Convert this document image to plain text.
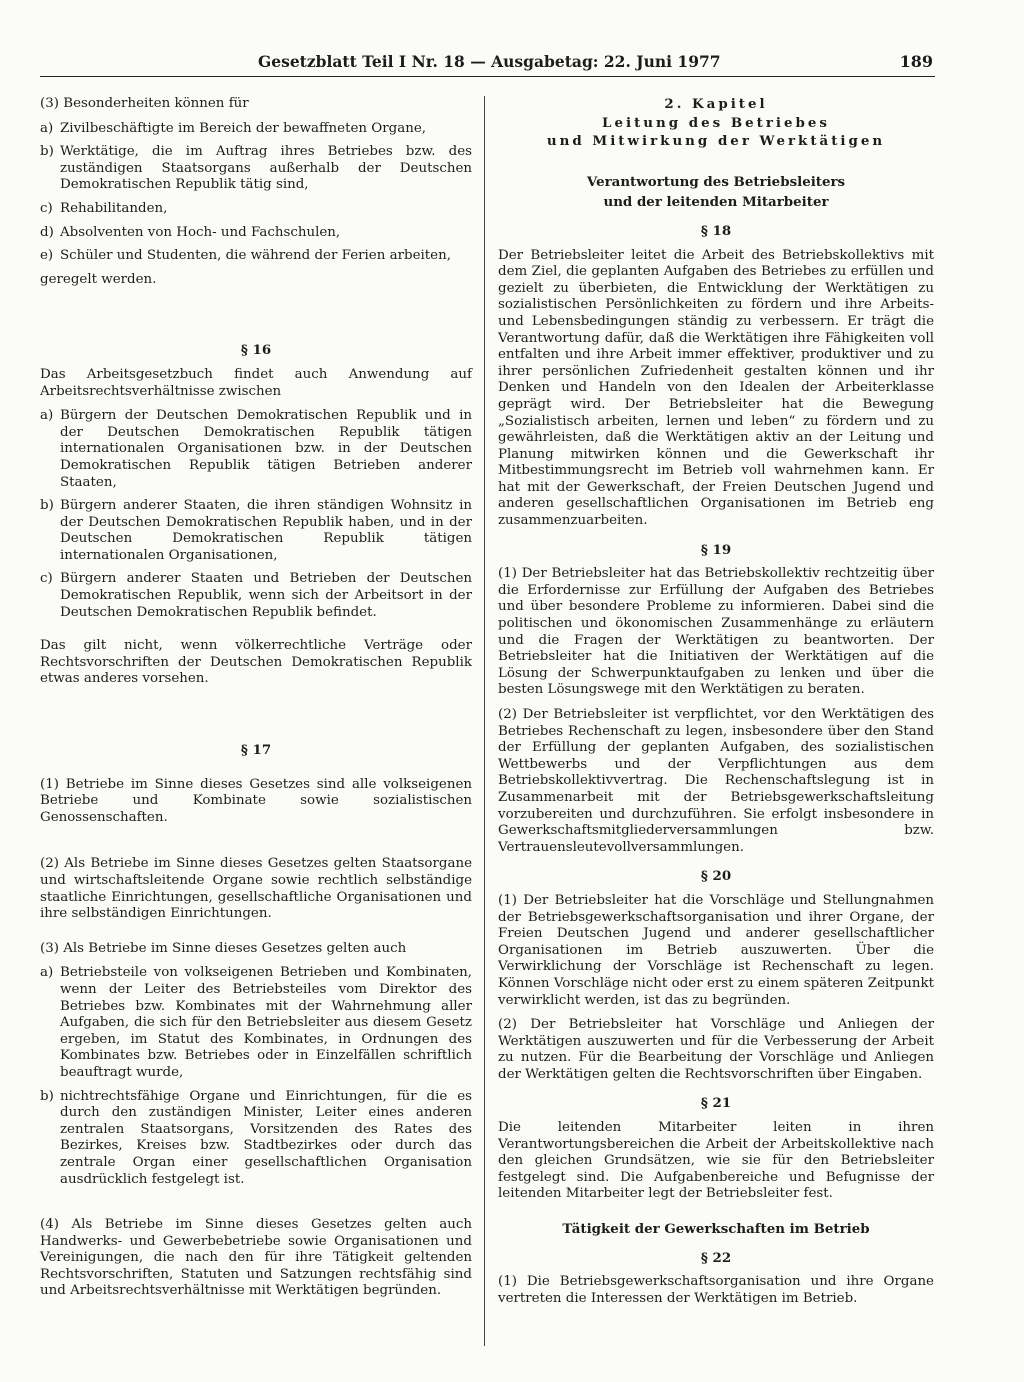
Gesetzblatt Teil I Nr. 18 — Ausgabetag: 22. Juni 1977	189

(3) Besonderheiten können für

a) Zivilbeschäftigte im Bereich der bewaffneten Organe,
b) Werktätige, die im Auftrag ihres Betriebes bzw. des zuständigen Staatsorgans außerhalb der Deutschen Demokratischen Republik tätig sind,
c) Rehabilitanden,
d) Absolventen von Hoch- und Fachschulen,
e) Schüler und Studenten, die während der Ferien arbeiten,

geregelt werden.

§ 16

Das Arbeitsgesetzbuch findet auch Anwendung auf Arbeitsrechtsverhältnisse zwischen

a) Bürgern der Deutschen Demokratischen Republik und in der Deutschen Demokratischen Republik tätigen internationalen Organisationen bzw. in der Deutschen Demokratischen Republik tätigen Betrieben anderer Staaten,
b) Bürgern anderer Staaten, die ihren ständigen Wohnsitz in der Deutschen Demokratischen Republik haben, und in der Deutschen Demokratischen Republik tätigen internationalen Organisationen,
c) Bürgern anderer Staaten und Betrieben der Deutschen Demokratischen Republik, wenn sich der Arbeitsort in der Deutschen Demokratischen Republik befindet.

Das gilt nicht, wenn völkerrechtliche Verträge oder Rechtsvorschriften der Deutschen Demokratischen Republik etwas anderes vorsehen.

§ 17

(1) Betriebe im Sinne dieses Gesetzes sind alle volkseigenen Betriebe und Kombinate sowie sozialistischen Genossenschaften.

(2) Als Betriebe im Sinne dieses Gesetzes gelten Staatsorgane und wirtschaftsleitende Organe sowie rechtlich selbständige staatliche Einrichtungen, gesellschaftliche Organisationen und ihre selbständigen Einrichtungen.

(3) Als Betriebe im Sinne dieses Gesetzes gelten auch

a) Betriebsteile von volkseigenen Betrieben und Kombinaten, wenn der Leiter des Betriebsteiles vom Direktor des Betriebes bzw. Kombinates mit der Wahrnehmung aller Aufgaben, die sich für den Betriebsleiter aus diesem Gesetz ergeben, im Statut des Kombinates, in Ordnungen des Kombinates bzw. Betriebes oder in Einzelfällen schriftlich beauftragt wurde,
b) nichtrechtsfähige Organe und Einrichtungen, für die es durch den zuständigen Minister, Leiter eines anderen zentralen Staatsorgans, Vorsitzenden des Rates des Bezirkes, Kreises bzw. Stadtbezirkes oder durch das zentrale Organ einer gesellschaftlichen Organisation ausdrücklich festgelegt ist.

(4) Als Betriebe im Sinne dieses Gesetzes gelten auch Handwerks- und Gewerbebetriebe sowie Organisationen und Vereinigungen, die nach den für ihre Tätigkeit geltenden Rechtsvorschriften, Statuten und Satzungen rechtsfähig sind und Arbeitsrechtsverhältnisse mit Werktätigen begründen.

2. Kapitel
Leitung des Betriebes
und Mitwirkung der Werktätigen
Verantwortung des Betriebsleiters
und der leitenden Mitarbeiter
§ 18

Der Betriebsleiter leitet die Arbeit des Betriebskollektivs mit dem Ziel, die geplanten Aufgaben des Betriebes zu erfüllen und gezielt zu überbieten, die Entwicklung der Werktätigen zu sozialistischen Persönlichkeiten zu fördern und ihre Arbeits- und Lebensbedingungen ständig zu verbessern. Er trägt die Verantwortung dafür, daß die Werktätigen ihre Fähigkeiten voll entfalten und ihre Arbeit immer effektiver, produktiver und zu ihrer persönlichen Zufriedenheit gestalten können und ihr Denken und Handeln von den Idealen der Arbeiterklasse geprägt wird. Der Betriebsleiter hat die Bewegung „Sozialistisch arbeiten, lernen und leben“ zu fördern und zu gewährleisten, daß die Werktätigen aktiv an der Leitung und Planung mitwirken können und die Gewerkschaft ihr Mitbestimmungsrecht im Betrieb voll wahrnehmen kann. Er hat mit der Gewerkschaft, der Freien Deutschen Jugend und anderen gesellschaftlichen Organisationen im Betrieb eng zusammenzuarbeiten.

§ 19

(1) Der Betriebsleiter hat das Betriebskollektiv rechtzeitig über die Erfordernisse zur Erfüllung der Aufgaben des Betriebes und über besondere Probleme zu informieren. Dabei sind die politischen und ökonomischen Zusammenhänge zu erläutern und die Fragen der Werktätigen zu beantworten. Der Betriebsleiter hat die Initiativen der Werktätigen auf die Lösung der Schwerpunktaufgaben zu lenken und über die besten Lösungswege mit den Werktätigen zu beraten.

(2) Der Betriebsleiter ist verpflichtet, vor den Werktätigen des Betriebes Rechenschaft zu legen, insbesondere über den Stand der Erfüllung der geplanten Aufgaben, des sozialistischen Wettbewerbs und der Verpflichtungen aus dem Betriebskollektivvertrag. Die Rechenschaftslegung ist in Zusammenarbeit mit der Betriebsgewerkschaftsleitung vorzubereiten und durchzuführen. Sie erfolgt insbesondere in Gewerkschaftsmitgliederversammlungen bzw. Vertrauensleutevollversammlungen.

§ 20

(1) Der Betriebsleiter hat die Vorschläge und Stellungnahmen der Betriebsgewerkschaftsorganisation und ihrer Organe, der Freien Deutschen Jugend und anderer gesellschaftlicher Organisationen im Betrieb auszuwerten. Über die Verwirklichung der Vorschläge ist Rechenschaft zu legen. Können Vorschläge nicht oder erst zu einem späteren Zeitpunkt verwirklicht werden, ist das zu begründen.

(2) Der Betriebsleiter hat Vorschläge und Anliegen der Werktätigen auszuwerten und für die Verbesserung der Arbeit zu nutzen. Für die Bearbeitung der Vorschläge und Anliegen der Werktätigen gelten die Rechtsvorschriften über Eingaben.

§ 21

Die leitenden Mitarbeiter leiten in ihren Verantwortungsbereichen die Arbeit der Arbeitskollektive nach den gleichen Grundsätzen, wie sie für den Betriebsleiter festgelegt sind. Die Aufgabenbereiche und Befugnisse der leitenden Mitarbeiter legt der Betriebsleiter fest.

Tätigkeit der Gewerkschaften im Betrieb
§ 22

(1) Die Betriebsgewerkschaftsorganisation und ihre Organe vertreten die Interessen der Werktätigen im Betrieb.
